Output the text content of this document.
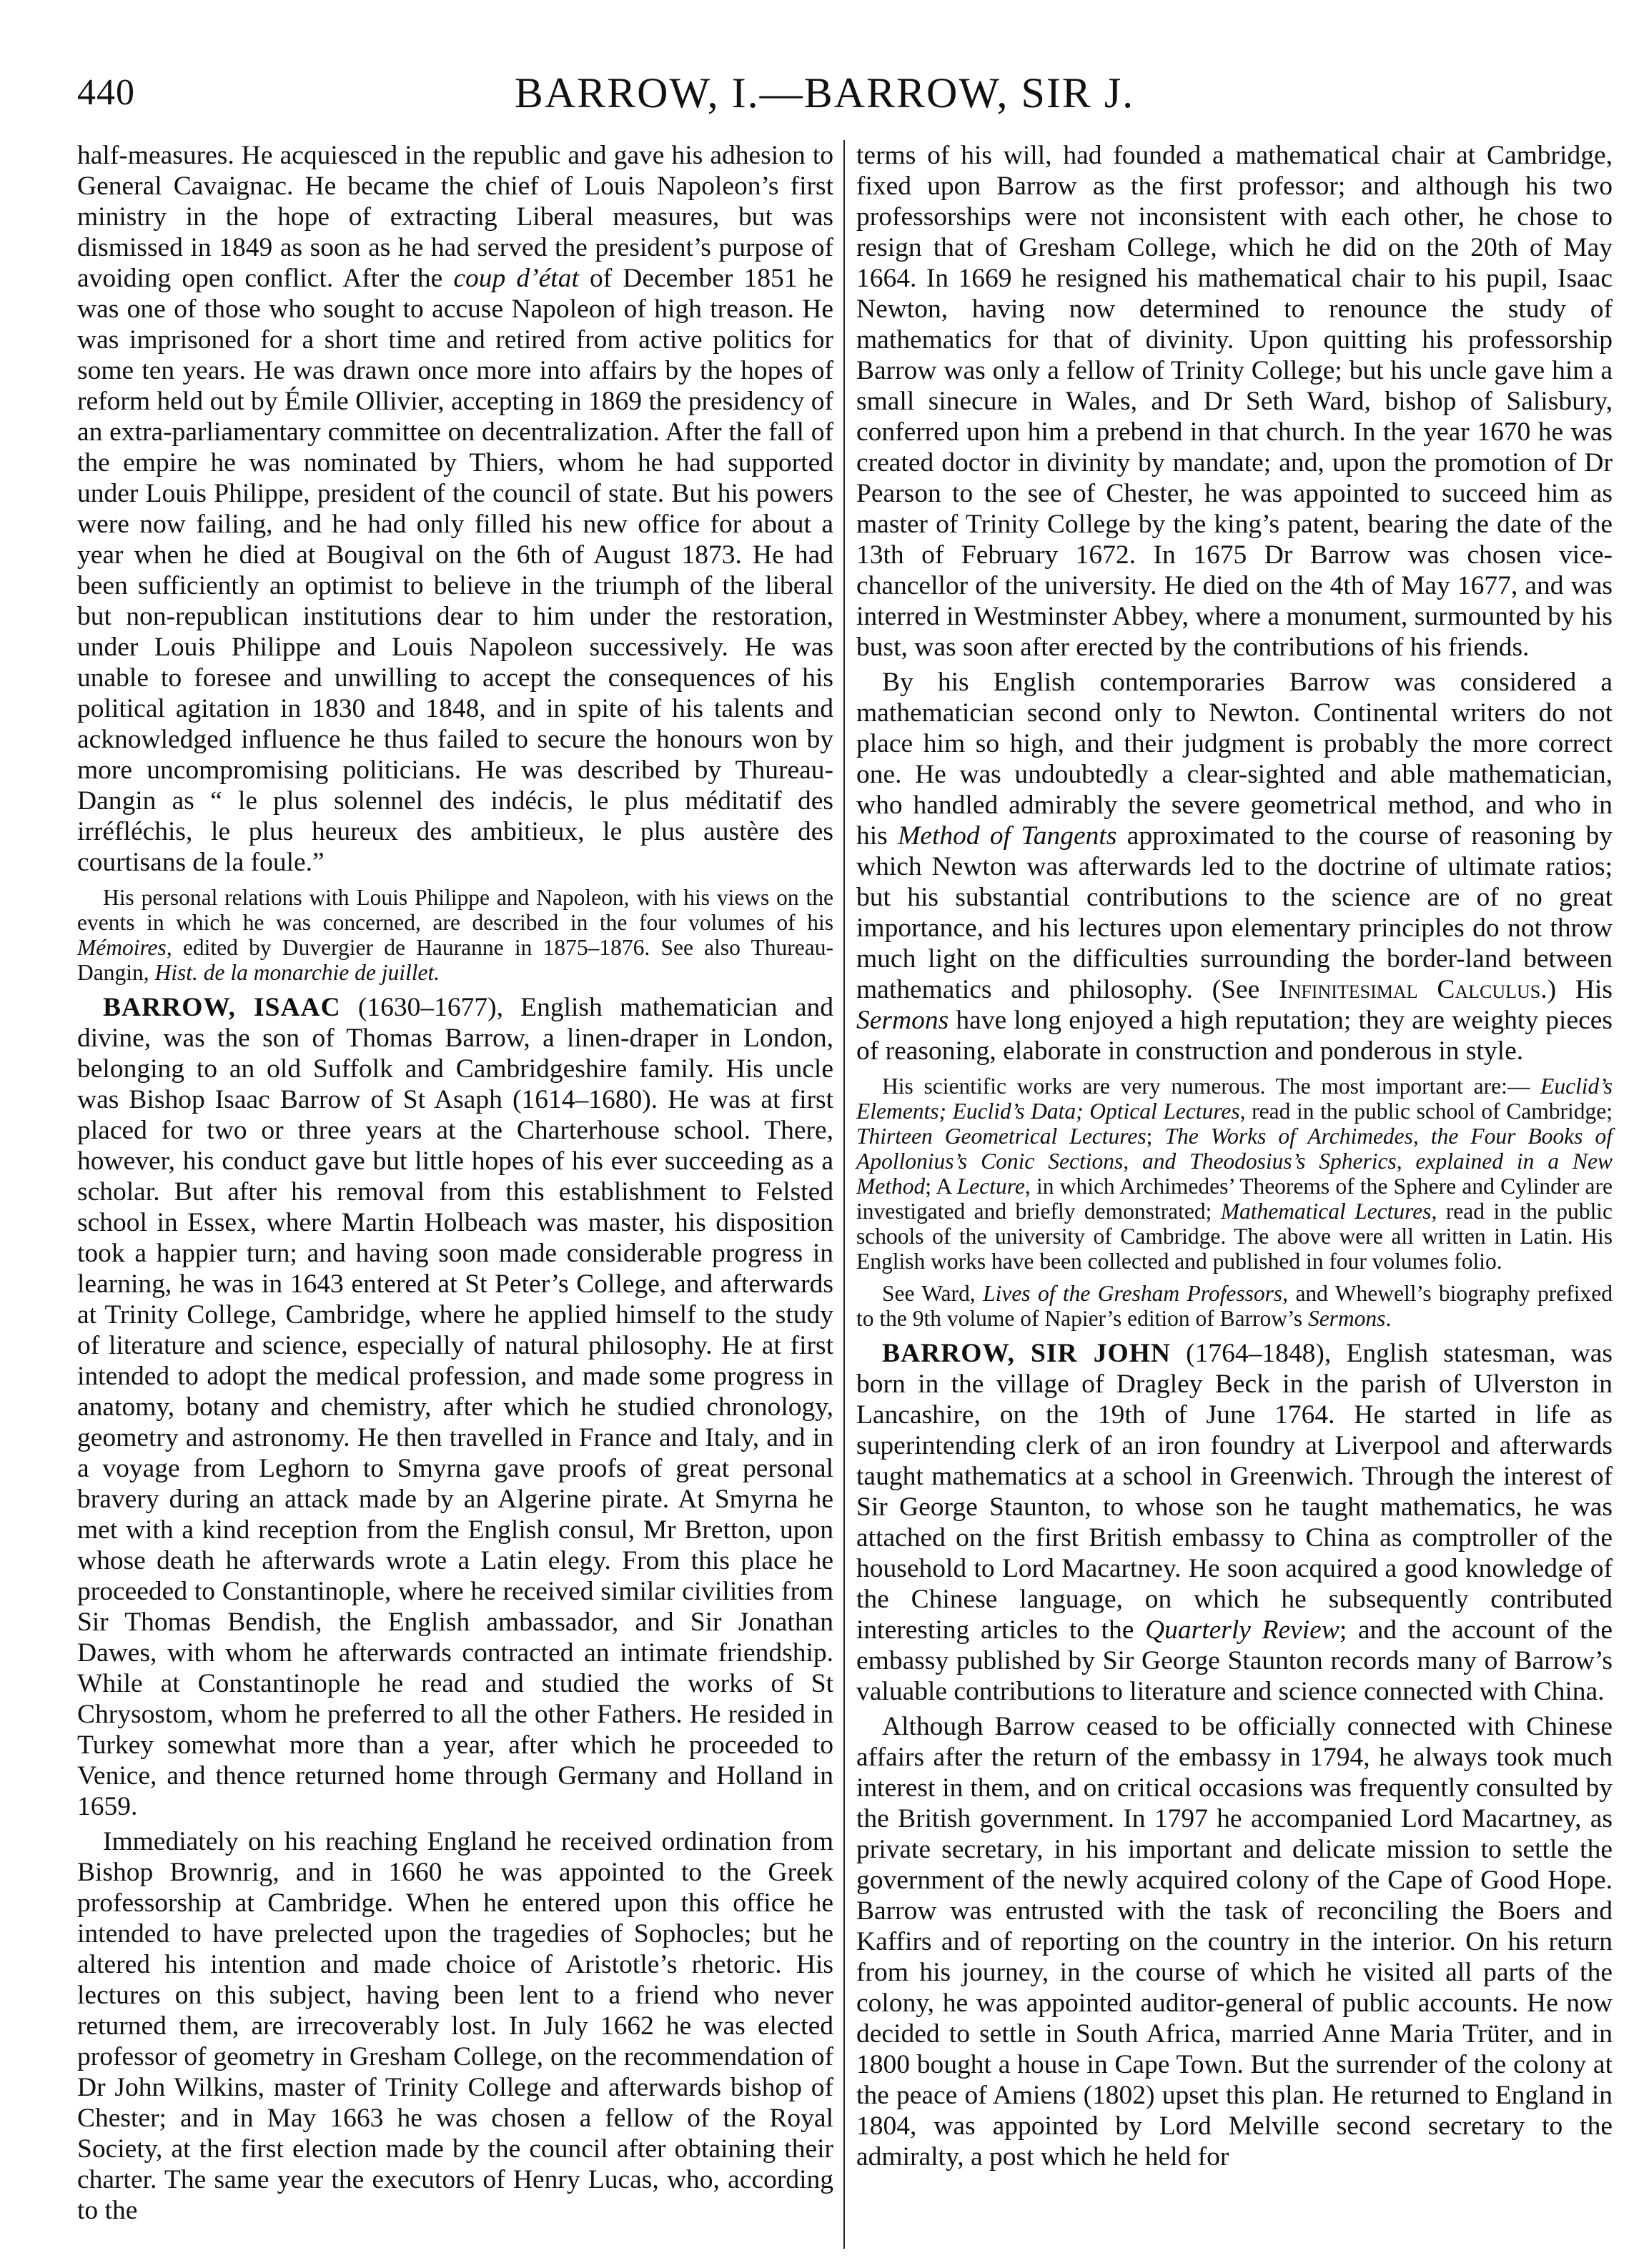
440	BARROW, I.—BARROW, SIR J.

half-measures. He acquiesced in the republic and gave his adhesion to General Cavaignac. He became the chief of Louis Napoleon’s first ministry in the hope of extracting Liberal measures, but was dismissed in 1849 as soon as he had served the president’s purpose of avoiding open conflict. After the coup d’état of December 1851 he was one of those who sought to accuse Napoleon of high treason. He was imprisoned for a short time and retired from active politics for some ten years. He was drawn once more into affairs by the hopes of reform held out by Émile Ollivier, accepting in 1869 the presidency of an extra-parliamentary committee on decentralization. After the fall of the empire he was nominated by Thiers, whom he had supported under Louis Philippe, president of the council of state. But his powers were now failing, and he had only filled his new office for about a year when he died at Bougival on the 6th of August 1873. He had been sufficiently an optimist to believe in the triumph of the liberal but non-republican institutions dear to him under the restoration, under Louis Philippe and Louis Napoleon successively. He was unable to foresee and unwilling to accept the consequences of his political agitation in 1830 and 1848, and in spite of his talents and acknowledged influence he thus failed to secure the honours won by more uncompromising politicians. He was described by Thureau-Dangin as “ le plus solennel des indécis, le plus méditatif des irréfléchis, le plus heureux des ambitieux, le plus austère des courtisans de la foule.”

His personal relations with Louis Philippe and Napoleon, with his views on the events in which he was concerned, are described in the four volumes of his Mémoires, edited by Duvergier de Hauranne in 1875–1876. See also Thureau-Dangin, Hist. de la monarchie de juillet.

BARROW, ISAAC (1630–1677), English mathematician and divine, was the son of Thomas Barrow, a linen-draper in London, belonging to an old Suffolk and Cambridgeshire family. His uncle was Bishop Isaac Barrow of St Asaph (1614–1680). He was at first placed for two or three years at the Charterhouse school. There, however, his conduct gave but little hopes of his ever succeeding as a scholar. But after his removal from this establishment to Felsted school in Essex, where Martin Holbeach was master, his disposition took a happier turn; and having soon made considerable progress in learning, he was in 1643 entered at St Peter’s College, and afterwards at Trinity College, Cambridge, where he applied himself to the study of literature and science, especially of natural philosophy. He at first intended to adopt the medical profession, and made some progress in anatomy, botany and chemistry, after which he studied chronology, geometry and astronomy. He then travelled in France and Italy, and in a voyage from Leghorn to Smyrna gave proofs of great personal bravery during an attack made by an Algerine pirate. At Smyrna he met with a kind reception from the English consul, Mr Bretton, upon whose death he afterwards wrote a Latin elegy. From this place he proceeded to Constantinople, where he received similar civilities from Sir Thomas Bendish, the English ambassador, and Sir Jonathan Dawes, with whom he afterwards contracted an intimate friendship. While at Constantinople he read and studied the works of St Chrysostom, whom he preferred to all the other Fathers. He resided in Turkey somewhat more than a year, after which he proceeded to Venice, and thence returned home through Germany and Holland in 1659.

Immediately on his reaching England he received ordination from Bishop Brownrig, and in 1660 he was appointed to the Greek professorship at Cambridge. When he entered upon this office he intended to have prelected upon the tragedies of Sophocles; but he altered his intention and made choice of Aristotle’s rhetoric. His lectures on this subject, having been lent to a friend who never returned them, are irrecoverably lost. In July 1662 he was elected professor of geometry in Gresham College, on the recommendation of Dr John Wilkins, master of Trinity College and afterwards bishop of Chester; and in May 1663 he was chosen a fellow of the Royal Society, at the first election made by the council after obtaining their charter. The same year the executors of Henry Lucas, who, according to the

terms of his will, had founded a mathematical chair at Cambridge, fixed upon Barrow as the first professor; and although his two professorships were not inconsistent with each other, he chose to resign that of Gresham College, which he did on the 20th of May 1664. In 1669 he resigned his mathematical chair to his pupil, Isaac Newton, having now determined to renounce the study of mathematics for that of divinity. Upon quitting his professorship Barrow was only a fellow of Trinity College; but his uncle gave him a small sinecure in Wales, and Dr Seth Ward, bishop of Salisbury, conferred upon him a prebend in that church. In the year 1670 he was created doctor in divinity by mandate; and, upon the promotion of Dr Pearson to the see of Chester, he was appointed to succeed him as master of Trinity College by the king’s patent, bearing the date of the 13th of February 1672. In 1675 Dr Barrow was chosen vice-chancellor of the university. He died on the 4th of May 1677, and was interred in Westminster Abbey, where a monument, surmounted by his bust, was soon after erected by the contributions of his friends.

By his English contemporaries Barrow was considered a mathematician second only to Newton. Continental writers do not place him so high, and their judgment is probably the more correct one. He was undoubtedly a clear-sighted and able mathematician, who handled admirably the severe geometrical method, and who in his Method of Tangents approximated to the course of reasoning by which Newton was afterwards led to the doctrine of ultimate ratios; but his substantial contributions to the science are of no great importance, and his lectures upon elementary principles do not throw much light on the difficulties surrounding the border-land between mathematics and philosophy. (See Infinitesimal Calculus.) His Sermons have long enjoyed a high reputation; they are weighty pieces of reasoning, elaborate in construction and ponderous in style.

His scientific works are very numerous. The most important are:— Euclid’s Elements; Euclid’s Data; Optical Lectures, read in the public school of Cambridge; Thirteen Geometrical Lectures; The Works of Archimedes, the Four Books of Apollonius’s Conic Sections, and Theodosius’s Spherics, explained in a New Method; A Lecture, in which Archimedes’ Theorems of the Sphere and Cylinder are investigated and briefly demonstrated; Mathematical Lectures, read in the public schools of the university of Cambridge. The above were all written in Latin. His English works have been collected and published in four volumes folio.

See Ward, Lives of the Gresham Professors, and Whewell’s biography prefixed to the 9th volume of Napier’s edition of Barrow’s Sermons.

BARROW, SIR JOHN (1764–1848), English statesman, was born in the village of Dragley Beck in the parish of Ulverston in Lancashire, on the 19th of June 1764. He started in life as superintending clerk of an iron foundry at Liverpool and afterwards taught mathematics at a school in Greenwich. Through the interest of Sir George Staunton, to whose son he taught mathematics, he was attached on the first British embassy to China as comptroller of the household to Lord Macartney. He soon acquired a good knowledge of the Chinese language, on which he subsequently contributed interesting articles to the Quarterly Review; and the account of the embassy published by Sir George Staunton records many of Barrow’s valuable contributions to literature and science connected with China.

Although Barrow ceased to be officially connected with Chinese affairs after the return of the embassy in 1794, he always took much interest in them, and on critical occasions was frequently consulted by the British government. In 1797 he accompanied Lord Macartney, as private secretary, in his important and delicate mission to settle the government of the newly acquired colony of the Cape of Good Hope. Barrow was entrusted with the task of reconciling the Boers and Kaffirs and of reporting on the country in the interior. On his return from his journey, in the course of which he visited all parts of the colony, he was appointed auditor-general of public accounts. He now decided to settle in South Africa, married Anne Maria Trüter, and in 1800 bought a house in Cape Town. But the surrender of the colony at the peace of Amiens (1802) upset this plan. He returned to England in 1804, was appointed by Lord Melville second secretary to the admiralty, a post which he held for
